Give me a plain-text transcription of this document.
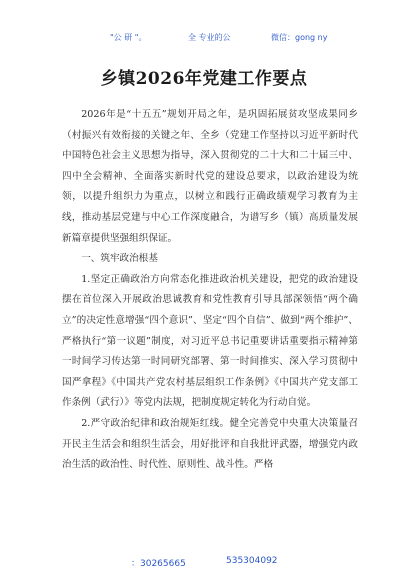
"公 研 "。	全 专业的公	微信：gong ny
乡镇2026年党建工作要点

2026年是“十五五”规划开局之年，是巩固拓展贫攻坚成果同乡（村振兴有效衔接的关键之年、全乡（党建工作坚持以习近平新时代中国特色社会主义思想为指导，深入贯彻党的二十大和二十届三中、四中全会精神、全面落实新时代党的建设总要求，以政治建设为统领，以提升组织力为重点，以树立和践行正确政绩观学习教育为主线，推动基层党建与中心工作深度融合，为谱写乡（镇）高质量发展新篇章提供坚强组织保证。

一、筑牢政治根基

1.坚定正确政治方向常态化推进政治机关建设，把党的政治建设摆在首位深入开展政治思诚教育和党性教育引导具部深领悟“两个确立”的决定性意增强“四个意识”、坚定“四个自信”、做到“两个维护”、严格执行“第一议题”制度，对习近平总书记重要讲话重要指示精神第一时间学习传达第一时同研究部署、第一时间推实、深入学习贯彻中国严拿程》《中国共产党农村基层组织工作条例》《中国共产党支部工作条例（武行）》等党内法规，把制度规定转化为行动自觉。

2.严守政治纪律和政治规矩红线。健全完善党中央重大决策量召开民主生活会和组织生活会，用好批评和自我批评武器，增强党内政治生活的政治性、时代性、原则性、战斗性。严格

：30265665	535304092
